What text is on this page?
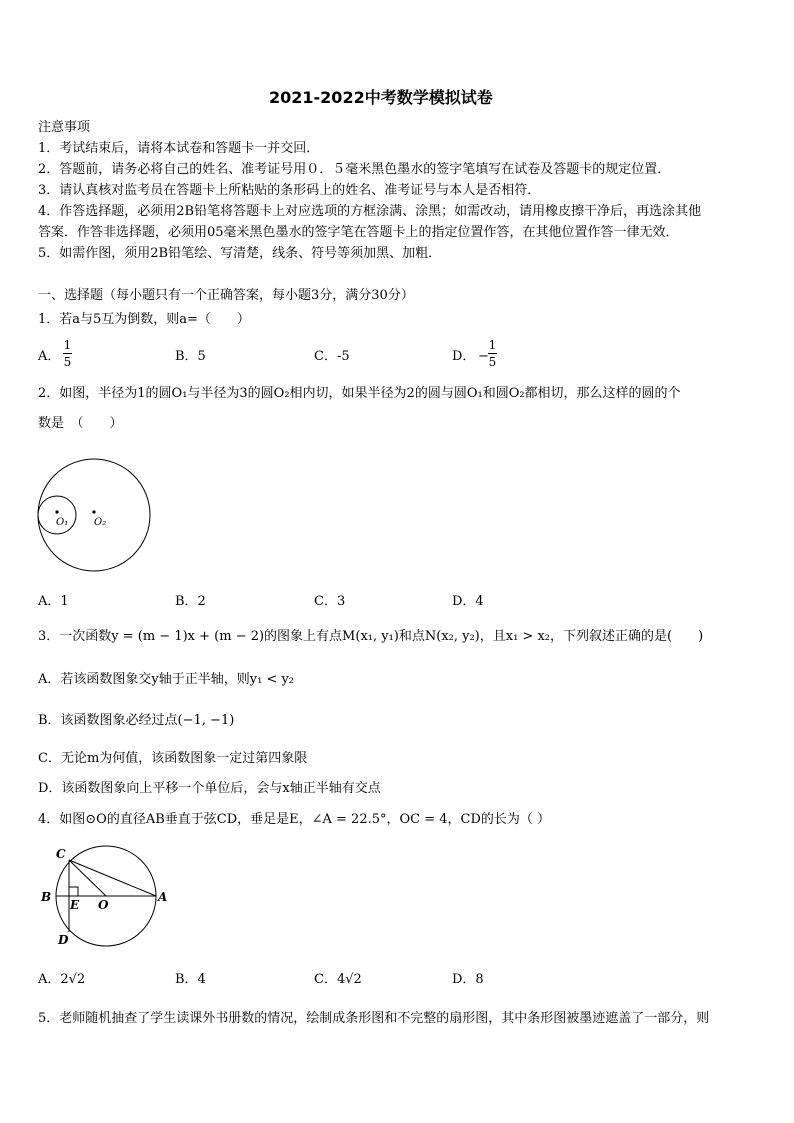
2021-2022中考数学模拟试卷
注意事项
1．考试结束后，请将本试卷和答题卡一并交回．
2．答题前，请务必将自己的姓名、准考证号用０．５毫米黑色墨水的签字笔填写在试卷及答题卡的规定位置．
3．请认真核对监考员在答题卡上所粘贴的条形码上的姓名、准考证号与本人是否相符．
4．作答选择题，必须用2B铅笔将答题卡上对应选项的方框涂满、涂黑；如需改动，请用橡皮擦干净后，再选涂其他
答案．作答非选择题，必须用05毫米黑色墨水的签字笔在答题卡上的指定位置作答，在其他位置作答一律无效．
5．如需作图，须用2B铅笔绘、写清楚，线条、符号等须加黑、加粗．
一、选择题（每小题只有一个正确答案，每小题3分，满分30分）
1．若a与5互为倒数，则a=（　　）
A．
1
5	B．5	C．-5	D． −
1
5
2．如图，半径为1的圆O₁与半径为3的圆O₂相内切，如果半径为2的圆与圆O₁和圆O₂都相切，那么这样的圆的个
数是　（　　）
O₁	O₂
A．1	B．2	C．3	D．4
3．一次函数y = (m − 1)x + (m − 2)的图象上有点M(x₁, y₁)和点N(x₂, y₂)，且x₁ > x₂，下列叙述正确的是(　　)
A．若该函数图象交y轴于正半轴，则y₁ < y₂
B．该函数图象必经过点(−1, −1)
C．无论m为何值，该函数图象一定过第四象限
D．该函数图象向上平移一个单位后，会与x轴正半轴有交点
4．如图⊙O的直径AB垂直于弦CD，垂足是E，∠A = 22.5°，OC = 4，CD的长为（ ）
C
B
E O
A
D
A．2√2	B．4	C．4√2	D．8
5．老师随机抽查了学生读课外书册数的情况，绘制成条形图和不完整的扇形图，其中条形图被墨迹遮盖了一部分，则
